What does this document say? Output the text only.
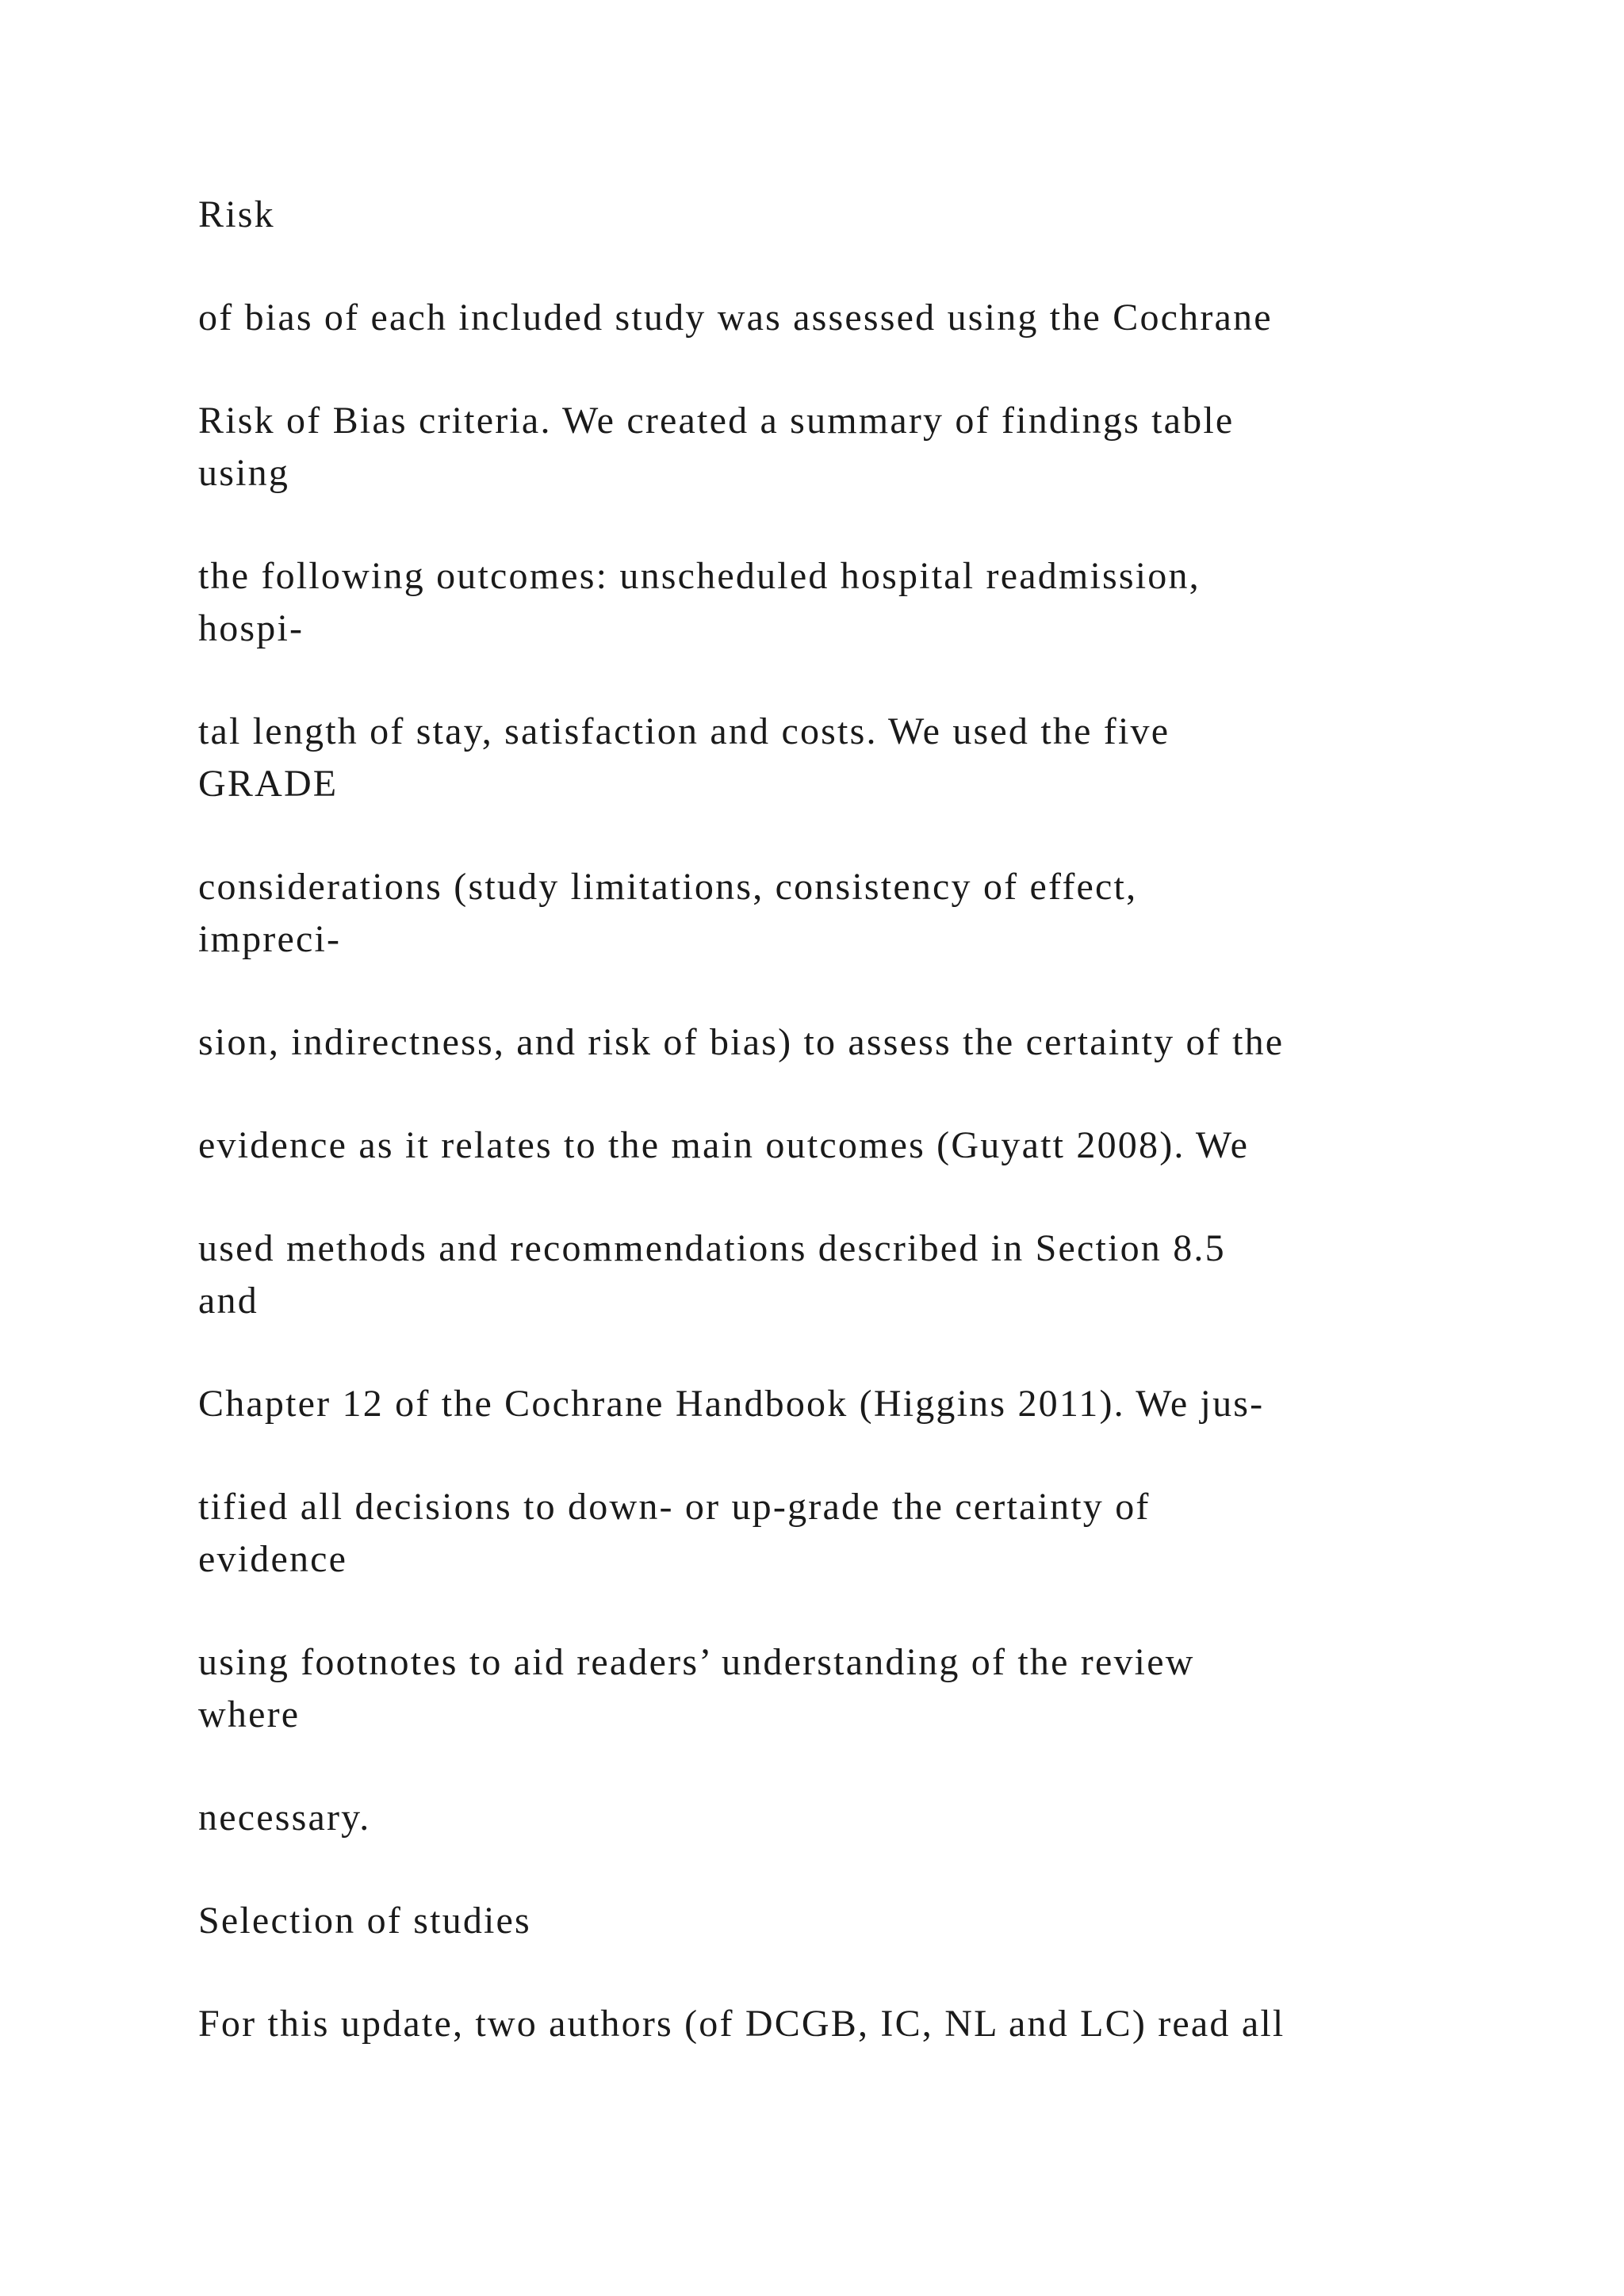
Risk

of bias of each included study was assessed using the Cochrane

Risk of Bias criteria. We created a summary of findings table
using

the following outcomes: unscheduled hospital readmission,
hospi-

tal length of stay, satisfaction and costs. We used the five
GRADE

considerations (study limitations, consistency of effect,
impreci-

sion, indirectness, and risk of bias) to assess the certainty of the

evidence as it relates to the main outcomes (Guyatt 2008). We

used methods and recommendations described in Section 8.5
and

Chapter 12 of the Cochrane Handbook (Higgins 2011). We jus-

tified all decisions to down- or up-grade the certainty of
evidence

using footnotes to aid readers’ understanding of the review
where

necessary.

Selection of studies

For this update, two authors (of DCGB, IC, NL and LC) read all
